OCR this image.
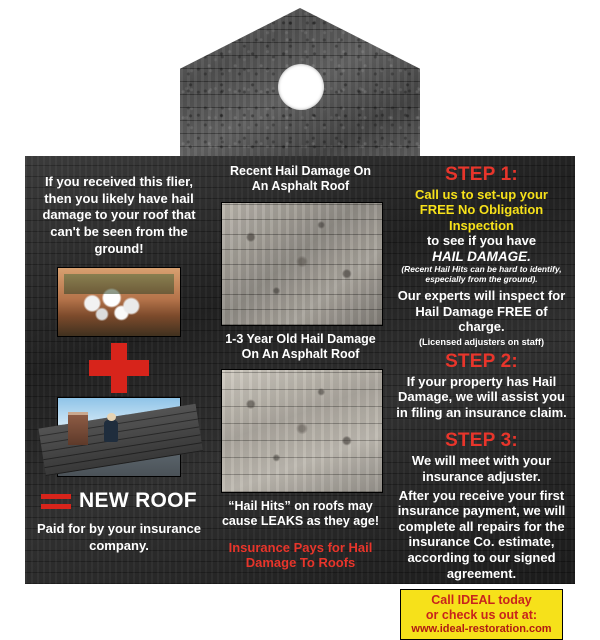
If you received this flier, then you likely have hail damage to your roof that can't be seen from the ground!
NEW ROOF
Paid for by your insurance company.
Recent Hail Damage On An Asphalt Roof
1-3 Year Old Hail Damage On An Asphalt Roof
“Hail Hits” on roofs may cause LEAKS as they age!
Insurance Pays for Hail Damage To Roofs
STEP 1:
Call us to set-up your FREE No Obligation Inspection
to see if you have
HAIL DAMAGE.
(Recent Hail Hits can be hard to identify, especially from the ground).
Our experts will inspect for Hail Damage FREE of charge.
(Licensed adjusters on staff)
STEP 2:
If your property has Hail Damage, we will assist you in filing an insurance claim.
STEP 3:
We will meet with your insurance adjuster.
After you receive your first insurance payment, we will complete all repairs for the insurance Co. estimate, according to our signed agreement.
Call IDEAL today
or check us out at:
www.ideal-restoration.com
